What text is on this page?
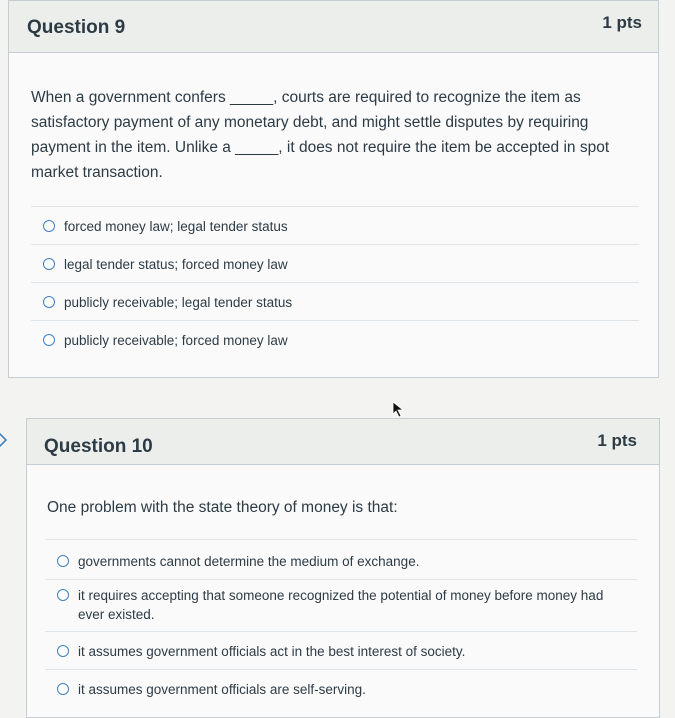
Question 9	1 pts
When a government confers _____, courts are required to recognize the item as satisfactory payment of any monetary debt, and might settle disputes by requiring payment in the item. Unlike a _____, it does not require the item be accepted in spot market transaction.
forced money law; legal tender status
legal tender status; forced money law
publicly receivable; legal tender status
publicly receivable; forced money law
Question 10	1 pts
One problem with the state theory of money is that:
governments cannot determine the medium of exchange.
it requires accepting that someone recognized the potential of money before money had ever existed.
it assumes government officials act in the best interest of society.
it assumes government officials are self-serving.
